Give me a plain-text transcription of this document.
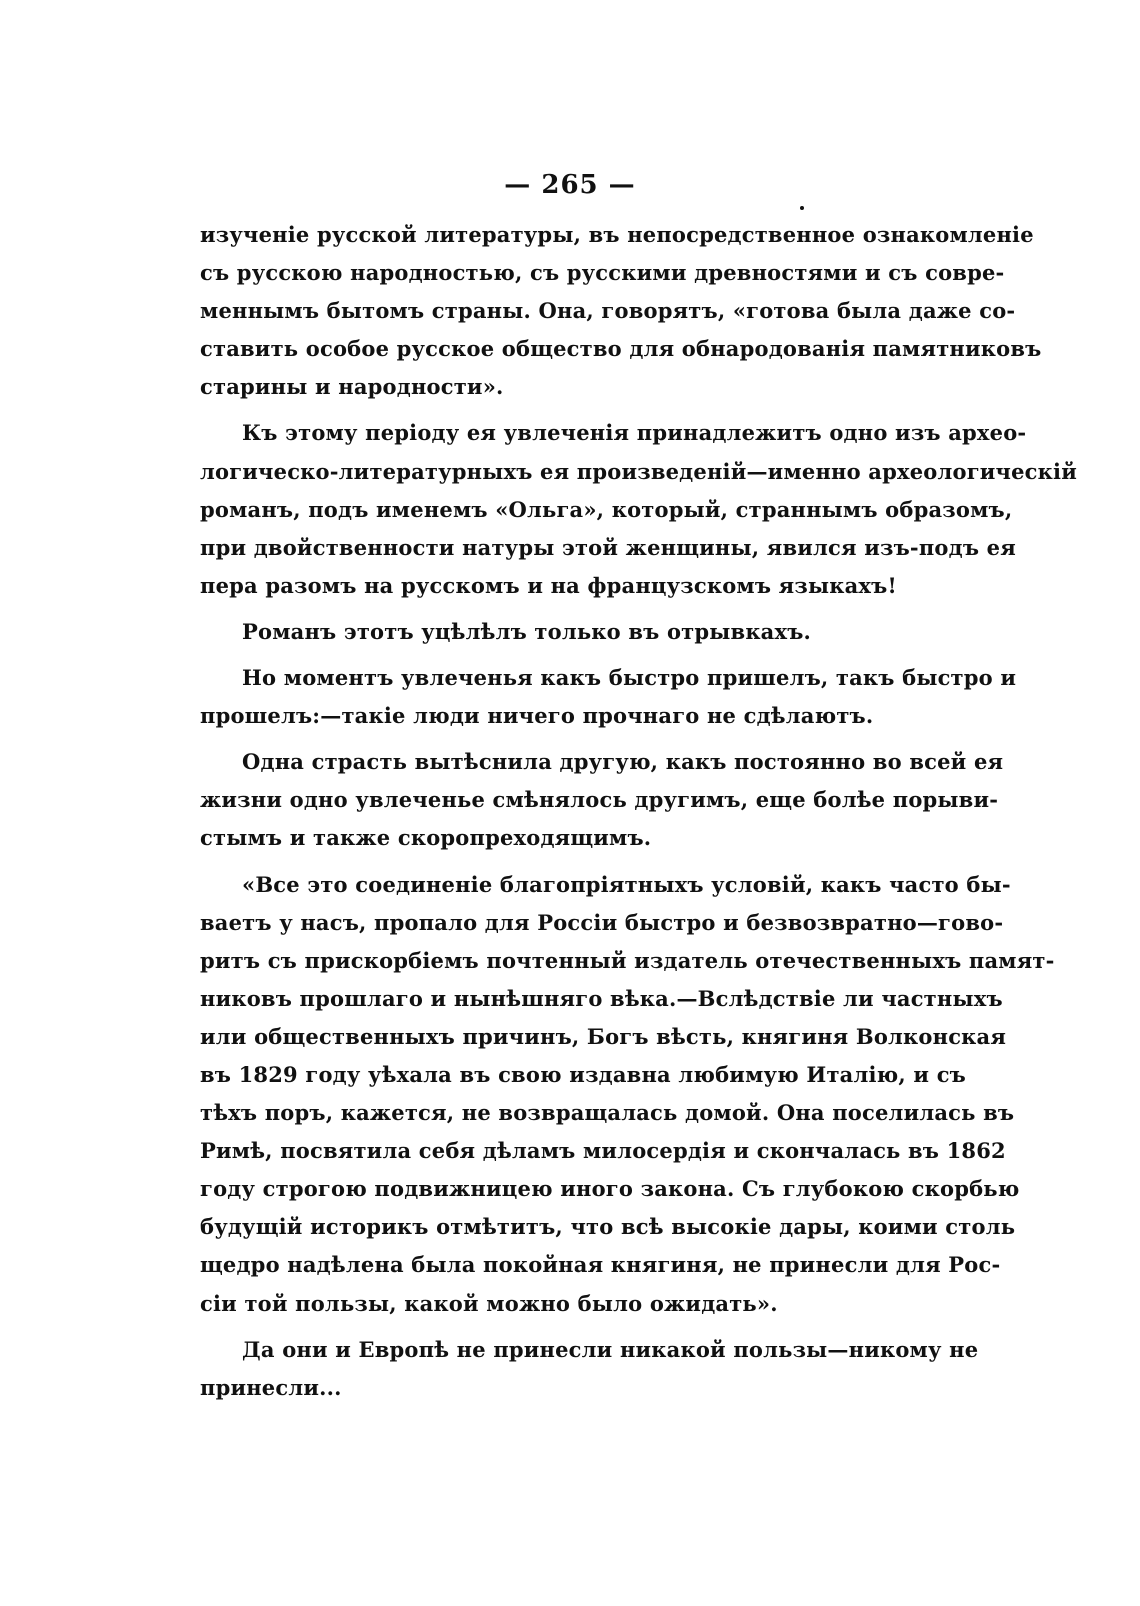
— 265 —
изученіе русской литературы, въ непосредственное ознакомленіе
съ русскою народностью, съ русскими древностями и съ совре-
меннымъ бытомъ страны. Она, говорятъ, «готова была даже со-
ставить особое русское общество для обнародованія памятниковъ
старины и народности».
Къ этому періоду ея увлеченія принадлежитъ одно изъ архео-
логическо-литературныхъ ея произведеній—именно археологическій
романъ, подъ именемъ «Ольга», который, страннымъ образомъ,
при двойственности натуры этой женщины, явился изъ-подъ ея
пера разомъ на русскомъ и на французскомъ языкахъ!
Романъ этотъ уцѣлѣлъ только въ отрывкахъ.
Но моментъ увлеченья какъ быстро пришелъ, такъ быстро и
прошелъ:—такіе люди ничего прочнаго не сдѣлаютъ.
Одна страсть вытѣснила другую, какъ постоянно во всей ея
жизни одно увлеченье смѣнялось другимъ, еще болѣе порыви-
стымъ и также скоропреходящимъ.
«Все это соединеніе благопріятныхъ условій, какъ часто бы-
ваетъ у насъ, пропало для Россіи быстро и безвозвратно—гово-
ритъ съ прискорбіемъ почтенный издатель отечественныхъ памят-
никовъ прошлаго и нынѣшняго вѣка.—Вслѣдствіе ли частныхъ
или общественныхъ причинъ, Богъ вѣсть, княгиня Волконская
въ 1829 году уѣхала въ свою издавна любимую Италію, и съ
тѣхъ поръ, кажется, не возвращалась домой. Она поселилась въ
Римѣ, посвятила себя дѣламъ милосердія и скончалась въ 1862
году строгою подвижницею иного закона. Съ глубокою скорбью
будущій историкъ отмѣтитъ, что всѣ высокіе дары, коими столь
щедро надѣлена была покойная княгиня, не принесли для Рос-
сіи той пользы, какой можно было ожидать».
Да они и Европѣ не принесли никакой пользы—никому не
принесли...
